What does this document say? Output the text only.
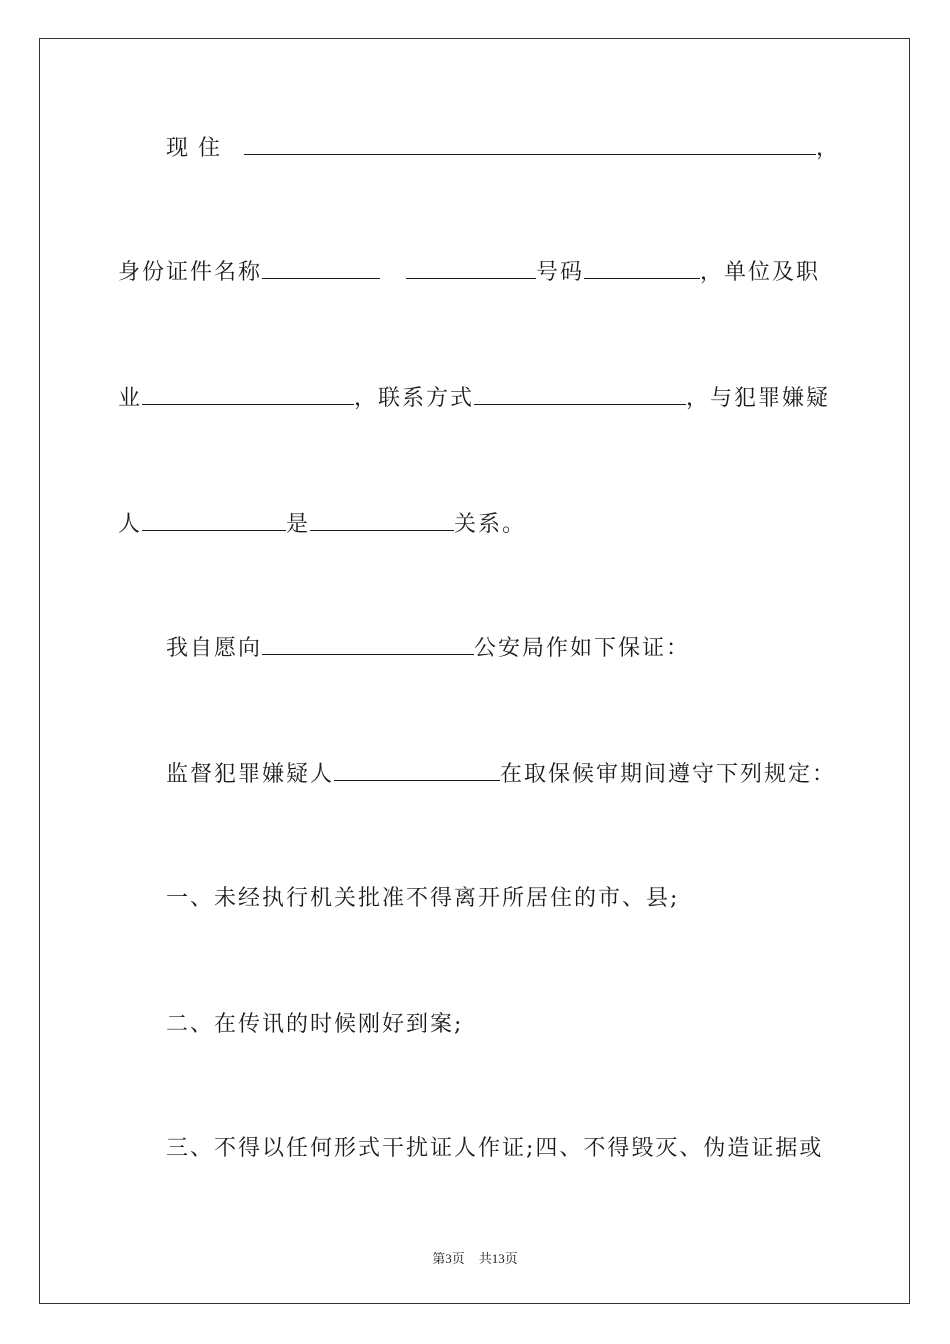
现住	，
身份证件名称	号码	，单位及职
业	，联系方式	，与犯罪嫌疑
人	是	关系。
我自愿向	公安局作如下保证：
监督犯罪嫌疑人	在取保候审期间遵守下列规定：
一、未经执行机关批准不得离开所居住的市、县;
二、在传讯的时候刚好到案;
三、不得以任何形式干扰证人作证;四、不得毁灭、伪造证据或
第3页 共13页
